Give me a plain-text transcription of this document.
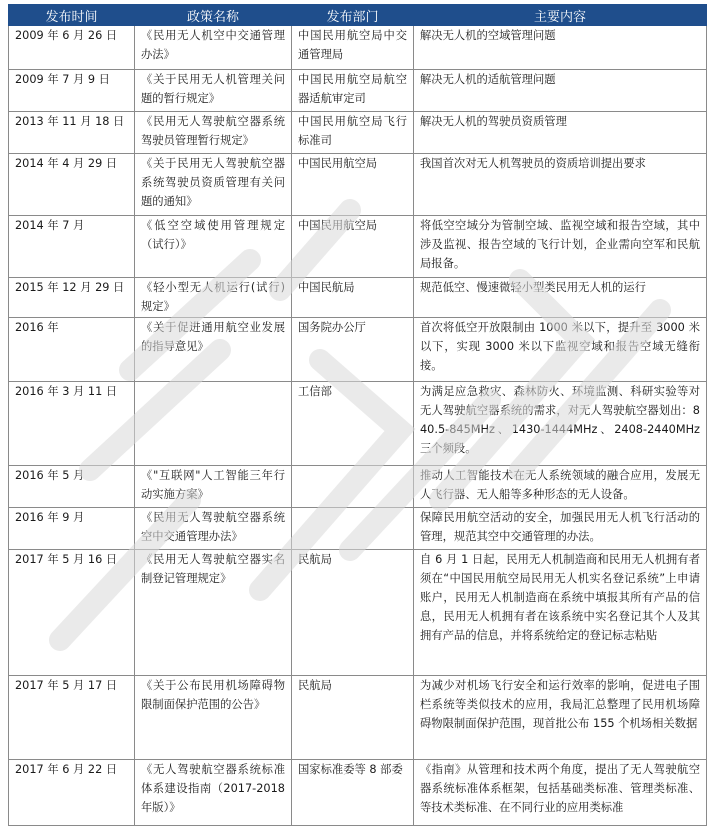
发布时间	政策名称	发布部门	主要内容
2009 年 6 月 26 日	《民用无人机空中交通管理办法》	中国民用航空局中交通管理局	解决无人机的空域管理问题
2009 年 7 月 9 日	《关于民用无人机管理关问题的暂行规定》	中国民用航空局航空器适航审定司	解决无人机的适航管理问题
2013 年 11 月 18 日	《民用无人驾驶航空器系统驾驶员管理暂行规定》	中国民用航空局飞行标准司	解决无人机的驾驶员资质管理
2014 年 4 月 29 日	《关于民用无人驾驶航空器系统驾驶员资质管理有关问题的通知》	中国民用航空局	我国首次对无人机驾驶员的资质培训提出要求
2014 年 7 月	《低空空域使用管理规定（试行）》	中国民用航空局	将低空空域分为管制空域、监视空域和报告空域，其中涉及监视、报告空域的飞行计划，企业需向空军和民航局报备。
2015 年 12 月 29 日	《轻小型无人机运行(试行)规定》	中国民航局	规范低空、慢速微轻小型类民用无人机的运行
2016 年	《关于促进通用航空业发展的指导意见》	国务院办公厅	首次将低空开放限制由 1000 米以下，提升至 3000 米以下，实现 3000 米以下监视空域和报告空域无缝衔接。
2016 年 3 月 11 日		工信部	为满足应急救灾、森林防火、环境监测、科研实验等对无人驾驶航空器系统的需求，对无人驾驶航空器划出：840.5-845MHz、1430-1444MHz、2408-2440MHz 三个频段。
2016 年 5 月	《"互联网"人工智能三年行动实施方案》		推动人工智能技术在无人系统领域的融合应用，发展无人飞行器、无人船等多种形态的无人设备。
2016 年 9 月	《民用无人驾驶航空器系统空中交通管理办法》		保障民用航空活动的安全，加强民用无人机飞行活动的管理，规范其空中交通管理的办法。
2017 年 5 月 16 日	《民用无人驾驶航空器实名制登记管理规定》	民航局	自 6 月 1 日起，民用无人机制造商和民用无人机拥有者须在“中国民用航空局民用无人机实名登记系统”上申请账户，民用无人机制造商在系统中填报其所有产品的信息，民用无人机拥有者在该系统中实名登记其个人及其拥有产品的信息，并将系统给定的登记标志粘贴
2017 年 5 月 17 日	《关于公布民用机场障碍物限制面保护范围的公告》	民航局	为减少对机场飞行安全和运行效率的影响，促进电子围栏系统等类似技术的应用，我局汇总整理了民用机场障碍物限制面保护范围，现首批公布 155 个机场相关数据
2017 年 6 月 22 日	《无人驾驶航空器系统标准体系建设指南（2017-2018 年版）》	国家标准委等 8 部委	《指南》从管理和技术两个角度，提出了无人驾驶航空器系统标准体系框架，包括基础类标准、管理类标准、等技术类标准、在不同行业的应用类标准
